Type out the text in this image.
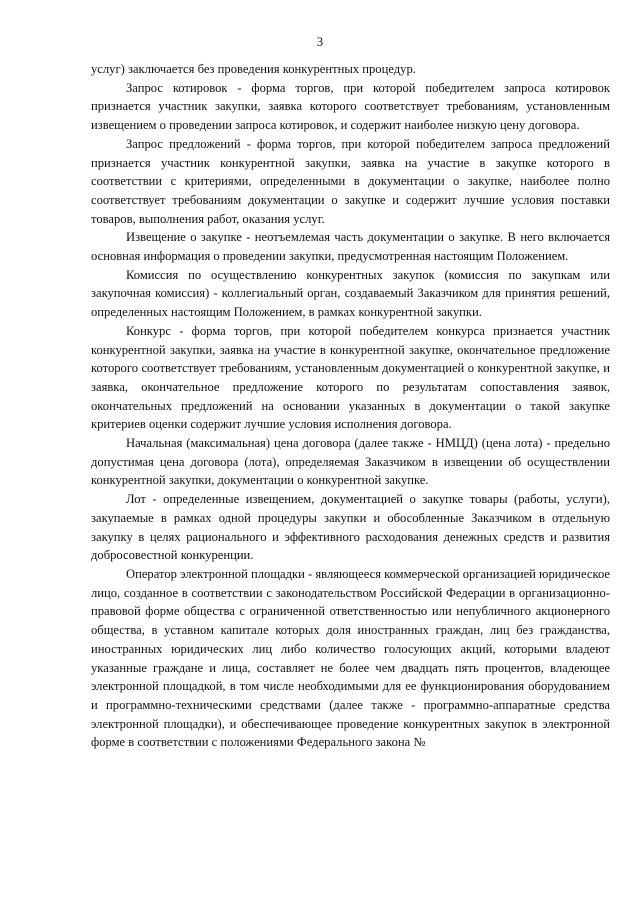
3

услуг) заключается без проведения конкурентных процедур.

Запрос котировок - форма торгов, при которой победителем запроса котировок признается участник закупки, заявка которого соответствует требованиям, установленным извещением о проведении запроса котировок, и содержит наиболее низкую цену договора.

Запрос предложений - форма торгов, при которой победителем запроса предложений признается участник конкурентной закупки, заявка на участие в закупке которого в соответствии с критериями, определенными в документации о закупке, наиболее полно соответствует требованиям документации о закупке и содержит лучшие условия поставки товаров, выполнения работ, оказания услуг.

Извещение о закупке - неотъемлемая часть документации о закупке. В него включается основная информация о проведении закупки, предусмотренная настоящим Положением.

Комиссия по осуществлению конкурентных закупок (комиссия по закупкам или закупочная комиссия) - коллегиальный орган, создаваемый Заказчиком для принятия решений, определенных настоящим Положением, в рамках конкурентной закупки.

Конкурс - форма торгов, при которой победителем конкурса признается участник конкурентной закупки, заявка на участие в конкурентной закупке, окончательное предложение которого соответствует требованиям, установленным документацией о конкурентной закупке, и заявка, окончательное предложение которого по результатам сопоставления заявок, окончательных предложений на основании указанных в документации о такой закупке критериев оценки содержит лучшие условия исполнения договора.

Начальная (максимальная) цена договора (далее также - НМЦД) (цена лота) - предельно допустимая цена договора (лота), определяемая Заказчиком в извещении об осуществлении конкурентной закупки, документации о конкурентной закупке.

Лот - определенные извещением, документацией о закупке товары (работы, услуги), закупаемые в рамках одной процедуры закупки и обособленные Заказчиком в отдельную закупку в целях рационального и эффективного расходования денежных средств и развития добросовестной конкуренции.

Оператор электронной площадки - являющееся коммерческой организацией юридическое лицо, созданное в соответствии с законодательством Российской Федерации в организационно-правовой форме общества с ограниченной ответственностью или непубличного акционерного общества, в уставном капитале которых доля иностранных граждан, лиц без гражданства, иностранных юридических лиц либо количество голосующих акций, которыми владеют указанные граждане и лица, составляет не более чем двадцать пять процентов, владеющее электронной площадкой, в том числе необходимыми для ее функционирования оборудованием и программно-техническими средствами (далее также - программно-аппаратные средства электронной площадки), и обеспечивающее проведение конкурентных закупок в электронной форме в соответствии с положениями Федерального закона №
